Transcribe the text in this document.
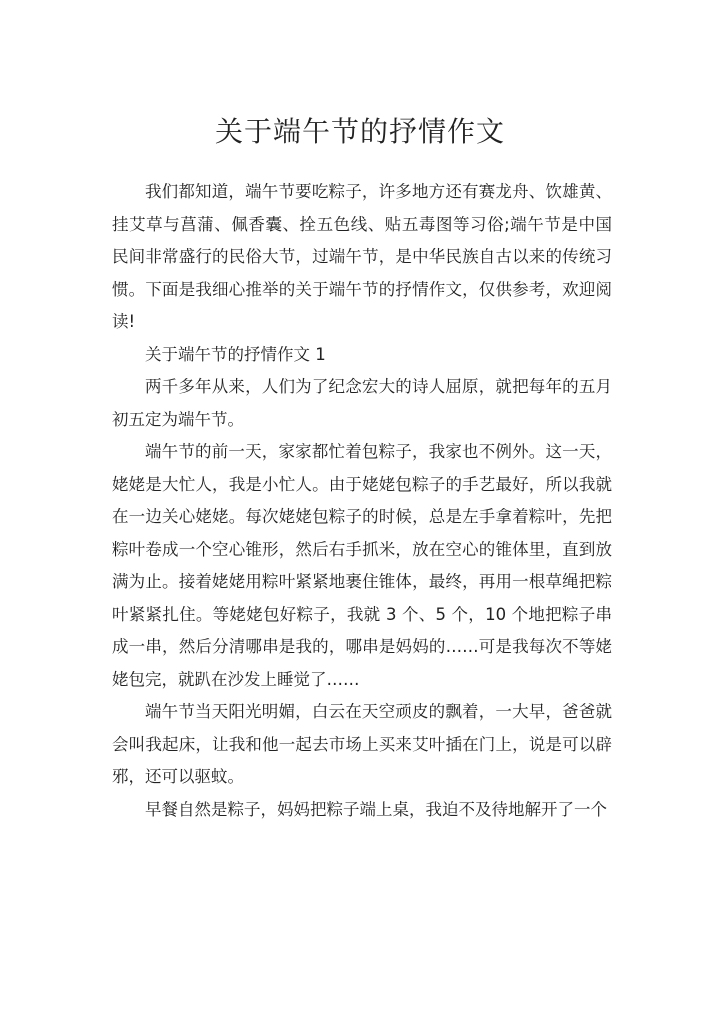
关于端午节的抒情作文

我们都知道，端午节要吃粽子，许多地方还有赛龙舟、饮雄黄、挂艾草与菖蒲、佩香囊、拴五色线、贴五毒图等习俗;端午节是中国民间非常盛行的民俗大节，过端午节，是中华民族自古以来的传统习惯。下面是我细心推举的关于端午节的抒情作文，仅供参考，欢迎阅读!

关于端午节的抒情作文 1

两千多年从来，人们为了纪念宏大的诗人屈原，就把每年的五月初五定为端午节。

端午节的前一天，家家都忙着包粽子，我家也不例外。这一天，姥姥是大忙人，我是小忙人。由于姥姥包粽子的手艺最好，所以我就在一边关心姥姥。每次姥姥包粽子的时候，总是左手拿着粽叶，先把粽叶卷成一个空心锥形，然后右手抓米，放在空心的锥体里，直到放满为止。接着姥姥用粽叶紧紧地裹住锥体，最终，再用一根草绳把粽叶紧紧扎住。等姥姥包好粽子，我就 3 个、5 个，10 个地把粽子串成一串，然后分清哪串是我的，哪串是妈妈的……可是我每次不等姥姥包完，就趴在沙发上睡觉了……

端午节当天阳光明媚，白云在天空顽皮的飘着，一大早，爸爸就会叫我起床，让我和他一起去市场上买来艾叶插在门上，说是可以辟邪，还可以驱蚊。

早餐自然是粽子，妈妈把粽子端上桌，我迫不及待地解开了一个
